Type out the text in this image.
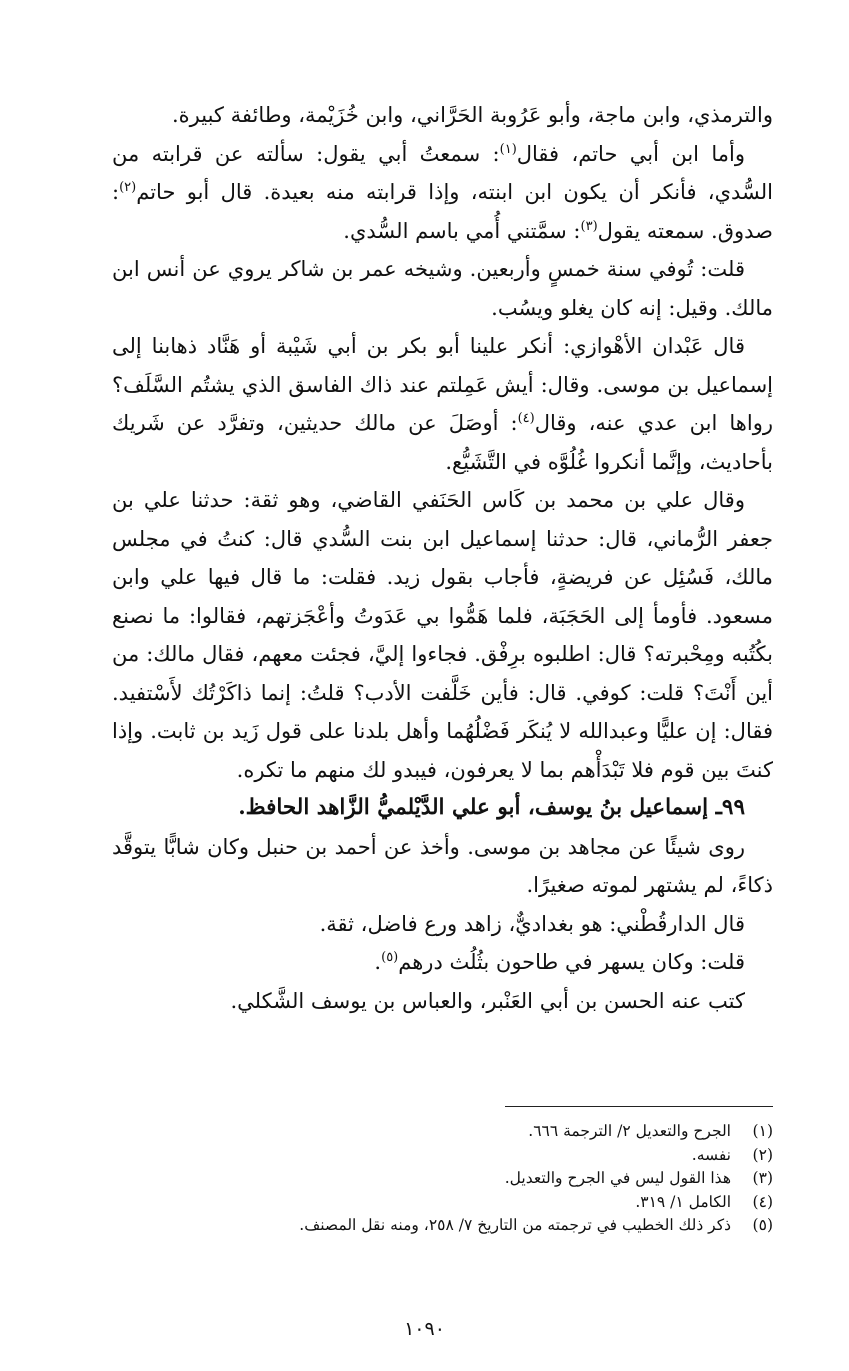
والترمذي، وابن ماجة، وأبو عَرُوبة الحَرَّاني، وابن خُزَيْمة، وطائفة كبيرة.

وأما ابن أبي حاتم، فقال$^{(١)}$: سمعتُ أبي يقول: سألته عن قرابته من السُّدي، فأنكر أن يكون ابن ابنته، وإذا قرابته منه بعيدة. قال أبو حاتم$^{(٢)}$: صدوق. سمعته يقول$^{(٣)}$: سمَّتني أُمي باسم السُّدي.

قلت: تُوفي سنة خمسٍ وأربعين. وشيخه عمر بن شاكر يروي عن أنس ابن مالك. وقيل: إنه كان يغلو ويسُب.

قال عَبْدان الأهْوازي: أنكر علينا أبو بكر بن أبي شَيْبة أو هَنَّاد ذهابنا إلى إسماعيل بن موسى. وقال: أيش عَمِلتم عند ذاك الفاسق الذي يشتُم السَّلَف؟ رواها ابن عدي عنه، وقال$^{(٤)}$: أوصَلَ عن مالك حديثين، وتفرَّد عن شَريك بأحاديث، وإنَّما أنكروا غُلُوَّه في التَّشَيُّع.

وقال علي بن محمد بن كَاس الحَنَفي القاضي، وهو ثقة: حدثنا علي بن جعفر الرُّماني، قال: حدثنا إسماعيل ابن بنت السُّدي قال: كنتُ في مجلس مالك، فَسُئِل عن فريضةٍ، فأجاب بقول زيد. فقلت: ما قال فيها علي وابن مسعود. فأومأ إلى الحَجَبَة، فلما هَمُّوا بي عَدَوتُ وأعْجَزتهم، فقالوا: ما نصنع بكُتُبه ومِحْبرته؟ قال: اطلبوه برِفْق. فجاءوا إليَّ، فجئت معهم، فقال مالك: من أين أَنْتَ؟ قلت: كوفي. قال: فأين خَلَّفت الأدب؟ قلتُ: إنما ذاكَرْتُك لأَسْتفيد. فقال: إن عليًّا وعبدالله لا يُنكَر فَضْلُهُما وأهل بلدنا على قول زَيد بن ثابت. وإذا كنتَ بين قوم فلا تَبْدَأْهم بما لا يعرفون، فيبدو لك منهم ما تكره.

٩٩ـ إسماعيل بنُ يوسف، أبو علي الدَّيْلميُّ الزَّاهد الحافظ.

روى شيئًا عن مجاهد بن موسى. وأخذ عن أحمد بن حنبل وكان شابًّا يتوقَّد ذكاءً، لم يشتهر لموته صغيرًا.

قال الدارقُطْني: هو بغداديٌّ، زاهد ورع فاضل، ثقة.

قلت: وكان يسهر في طاحون بثُلُث درهم$^{(٥)}$.

كتب عنه الحسن بن أبي العَنْبر، والعباس بن يوسف الشَّكلي.

(١)
الجرح والتعديل ٢/ الترجمة ٦٦٦.
(٢)
نفسه.
(٣)
هذا القول ليس في الجرح والتعديل.
(٤)
الكامل ١/ ٣١٩.
(٥)
ذكر ذلك الخطيب في ترجمته من التاريخ ٧/ ٢٥٨، ومنه نقل المصنف.
١٠٩٠
